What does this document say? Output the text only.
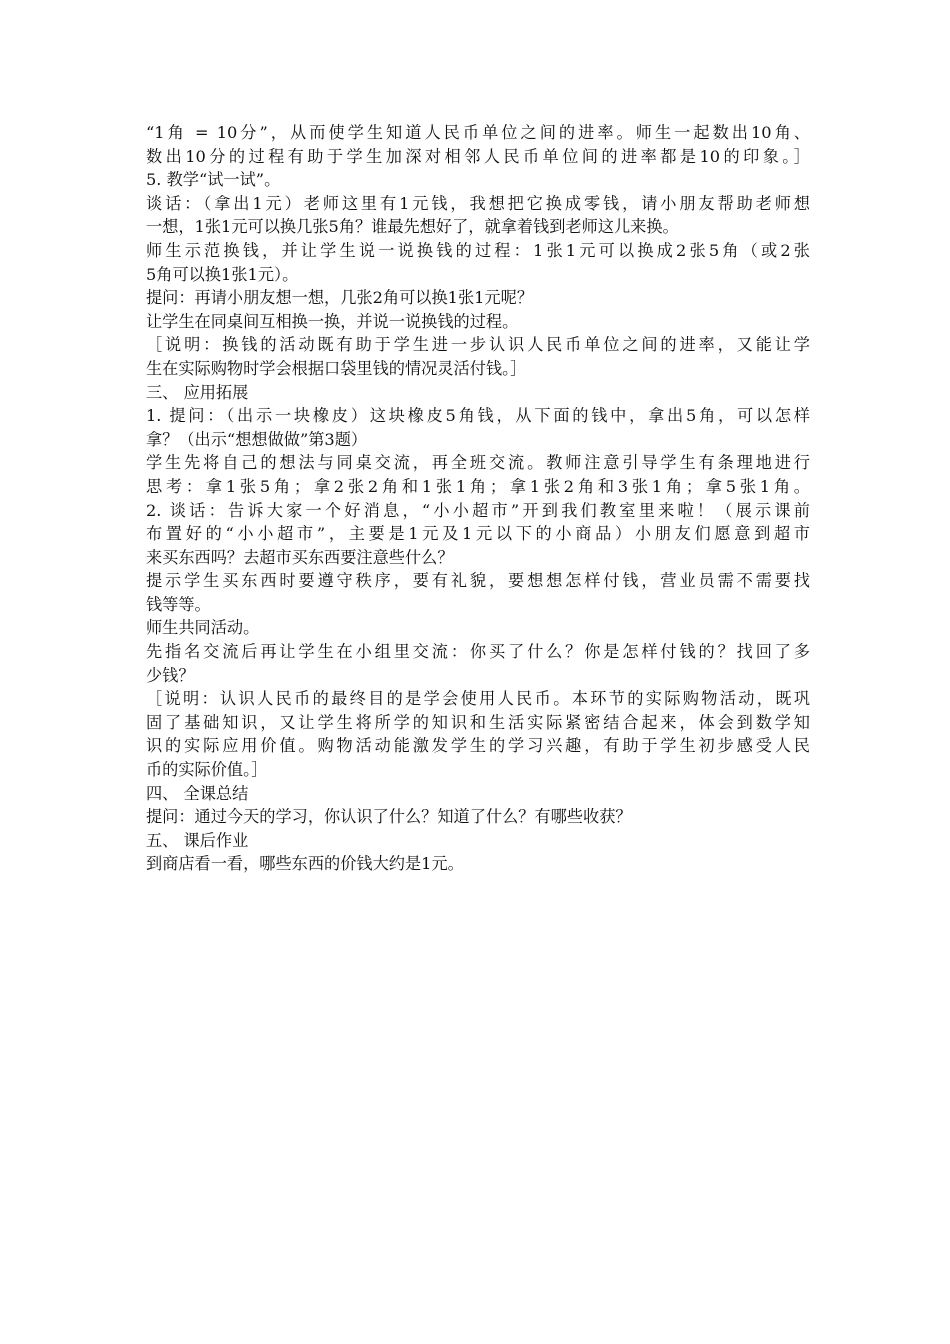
“1角 = 10分”，从而使学生知道人民币单位之间的进率。师生一起数出10角、
数出10分的过程有助于学生加深对相邻人民币单位间的进率都是10的印象。］
5. 教学“试一试”。
谈话：（拿出1元）老师这里有1元钱，我想把它换成零钱，请小朋友帮助老师想
一想，1张1元可以换几张5角？谁最先想好了，就拿着钱到老师这儿来换。
师生示范换钱，并让学生说一说换钱的过程：1张1元可以换成2张5角（或2张
5角可以换1张1元）。
提问：再请小朋友想一想，几张2角可以换1张1元呢？
让学生在同桌间互相换一换，并说一说换钱的过程。
［说明：换钱的活动既有助于学生进一步认识人民币单位之间的进率，又能让学
生在实际购物时学会根据口袋里钱的情况灵活付钱。］
三、 应用拓展
1. 提问：（出示一块橡皮）这块橡皮5角钱，从下面的钱中，拿出5角，可以怎样
拿？（出示“想想做做”第3题）
学生先将自己的想法与同桌交流，再全班交流。教师注意引导学生有条理地进行
思考：拿1张5角；拿2张2角和1张1角；拿1张2角和3张1角；拿5张1角。
2. 谈话：告诉大家一个好消息，“小小超市”开到我们教室里来啦！（展示课前
布置好的“小小超市”，主要是1元及1元以下的小商品）小朋友们愿意到超市
来买东西吗？去超市买东西要注意些什么？
提示学生买东西时要遵守秩序，要有礼貌，要想想怎样付钱，营业员需不需要找
钱等等。
师生共同活动。
先指名交流后再让学生在小组里交流：你买了什么？你是怎样付钱的？找回了多
少钱？
［说明：认识人民币的最终目的是学会使用人民币。本环节的实际购物活动，既巩
固了基础知识，又让学生将所学的知识和生活实际紧密结合起来，体会到数学知
识的实际应用价值。购物活动能激发学生的学习兴趣，有助于学生初步感受人民
币的实际价值。］
四、 全课总结
提问：通过今天的学习，你认识了什么？知道了什么？有哪些收获？
五、 课后作业
到商店看一看，哪些东西的价钱大约是1元。
